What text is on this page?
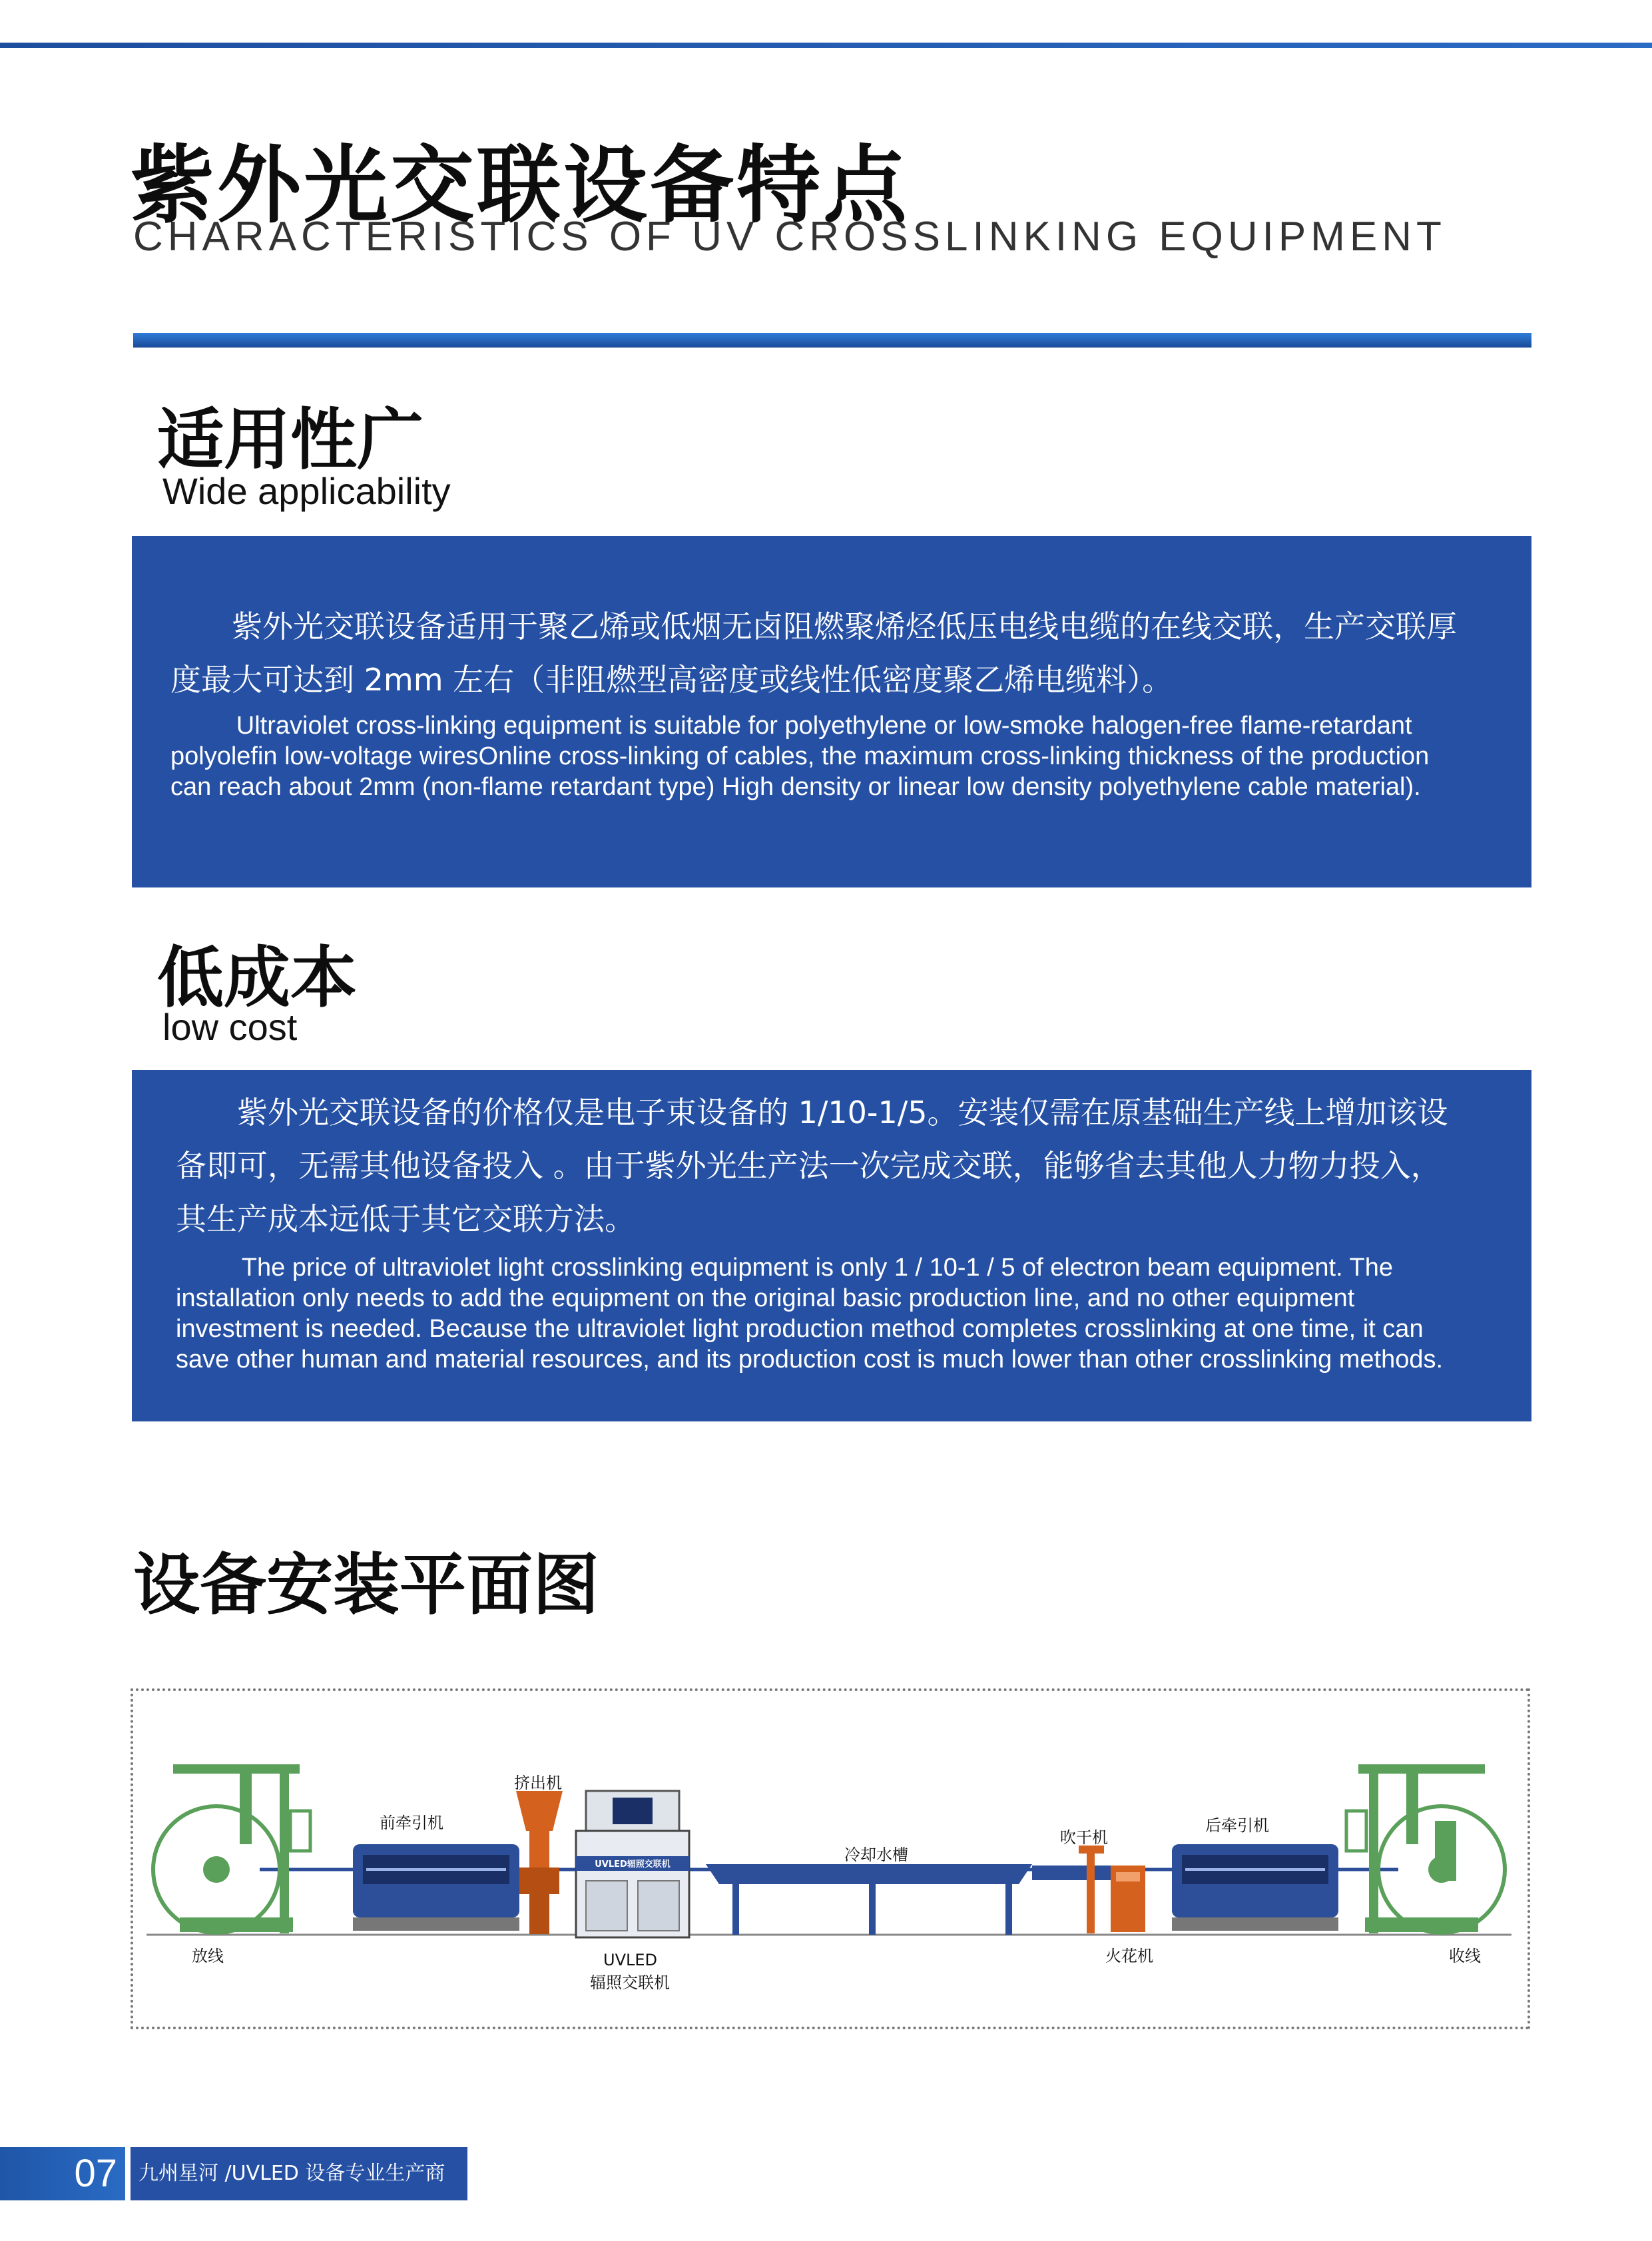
紫外光交联设备特点
CHARACTERISTICS OF UV CROSSLINKING EQUIPMENT
适用性广
Wide applicability

紫外光交联设备适用于聚乙烯或低烟无卤阻燃聚烯烃低压电线电缆的在线交联，生产交联厚度最大可达到 2mm 左右（非阻燃型高密度或线性低密度聚乙烯电缆料）。

Ultraviolet cross-linking equipment is suitable for polyethylene or low-smoke halogen-free flame-retardant polyolefin low-voltage wiresOnline cross-linking of cables, the maximum cross-linking thickness of the production can reach about 2mm (non-flame retardant type) High density or linear low density polyethylene cable material).

低成本
low cost

紫外光交联设备的价格仅是电子束设备的 1/10-1/5。安装仅需在原基础生产线上增加该设备即可，无需其他设备投入 。由于紫外光生产法一次完成交联，能够省去其他人力物力投入，其生产成本远低于其它交联方法。

The price of ultraviolet light crosslinking equipment is only 1 / 10-1 / 5 of electron beam equipment. The installation only needs to add the equipment on the original basic production line, and no other equipment investment is needed. Because the ultraviolet light production method completes crosslinking at one time, it can save other human and material resources, and its production cost is much lower than other crosslinking methods.

设备安装平面图
UVLED辐照交联机
放线
前牵引机
挤出机
UVLED
辐照交联机
冷却水槽
吹干机
火花机
后牵引机
收线
07	九州星河 /UVLED 设备专业生产商
